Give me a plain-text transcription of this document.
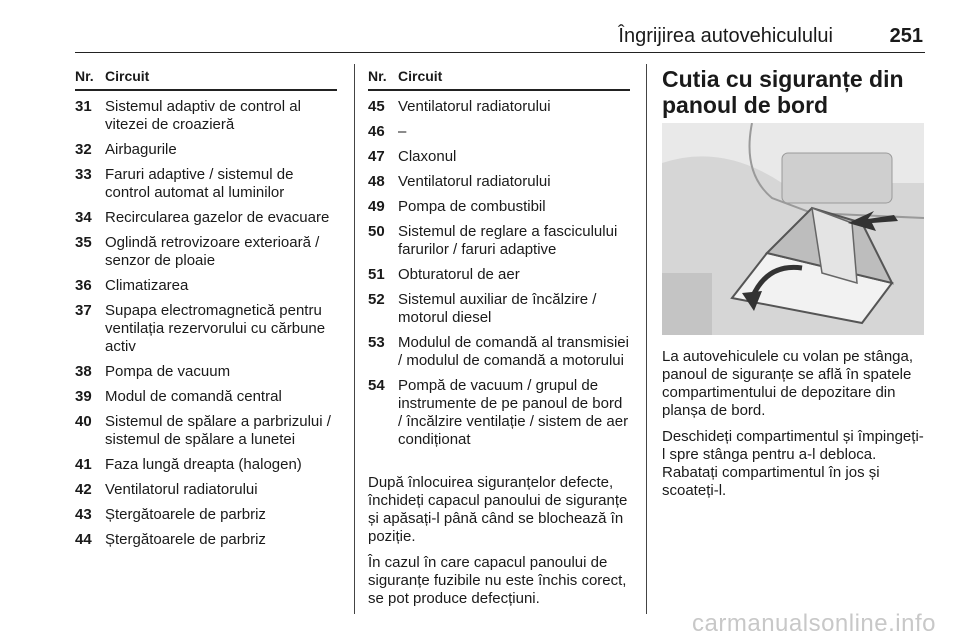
Îngrijirea autovehiculului	251
Nr. Circuit
31 Sistemul adaptiv de control al vitezei de croazieră
32 Airbagurile
33 Faruri adaptive / sistemul de control automat al luminilor
34 Recircularea gazelor de evacuare
35 Oglindă retrovizoare exterioară / senzor de ploaie
36 Climatizarea
37 Supapa electromagnetică pentru ventilația rezervorului cu cărbune activ
38 Pompa de vacuum
39 Modul de comandă central
40 Sistemul de spălare a parbrizului / sistemul de spălare a lunetei
41 Faza lungă dreapta (halogen)
42 Ventilatorul radiatorului
43 Ștergătoarele de parbriz
44 Ștergătoarele de parbriz
Nr. Circuit
45 Ventilatorul radiatorului
46 –
47 Claxonul
48 Ventilatorul radiatorului
49 Pompa de combustibil
50 Sistemul de reglare a fasciculului farurilor / faruri adaptive
51 Obturatorul de aer
52 Sistemul auxiliar de încălzire / motorul diesel
53 Modulul de comandă al transmisiei / modulul de comandă a motorului
54 Pompă de vacuum / grupul de instrumente de pe panoul de bord / încălzire ventilație / sistem de aer condiționat

După înlocuirea siguranțelor defecte, închideți capacul panoului de siguranțe și apăsați-l până când se blochează în poziție.

În cazul în care capacul panoului de siguranțe fuzibile nu este închis corect, se pot produce defecțiuni.

Cutia cu siguranțe din panoul de bord

La autovehiculele cu volan pe stânga, panoul de siguranțe se află în spatele compartimentului de depozitare din planșa de bord.

Deschideți compartimentul și împingeți-l spre stânga pentru a-l debloca. Rabatați compartimentul în jos și scoateți-l.

carmanualsonline.info
